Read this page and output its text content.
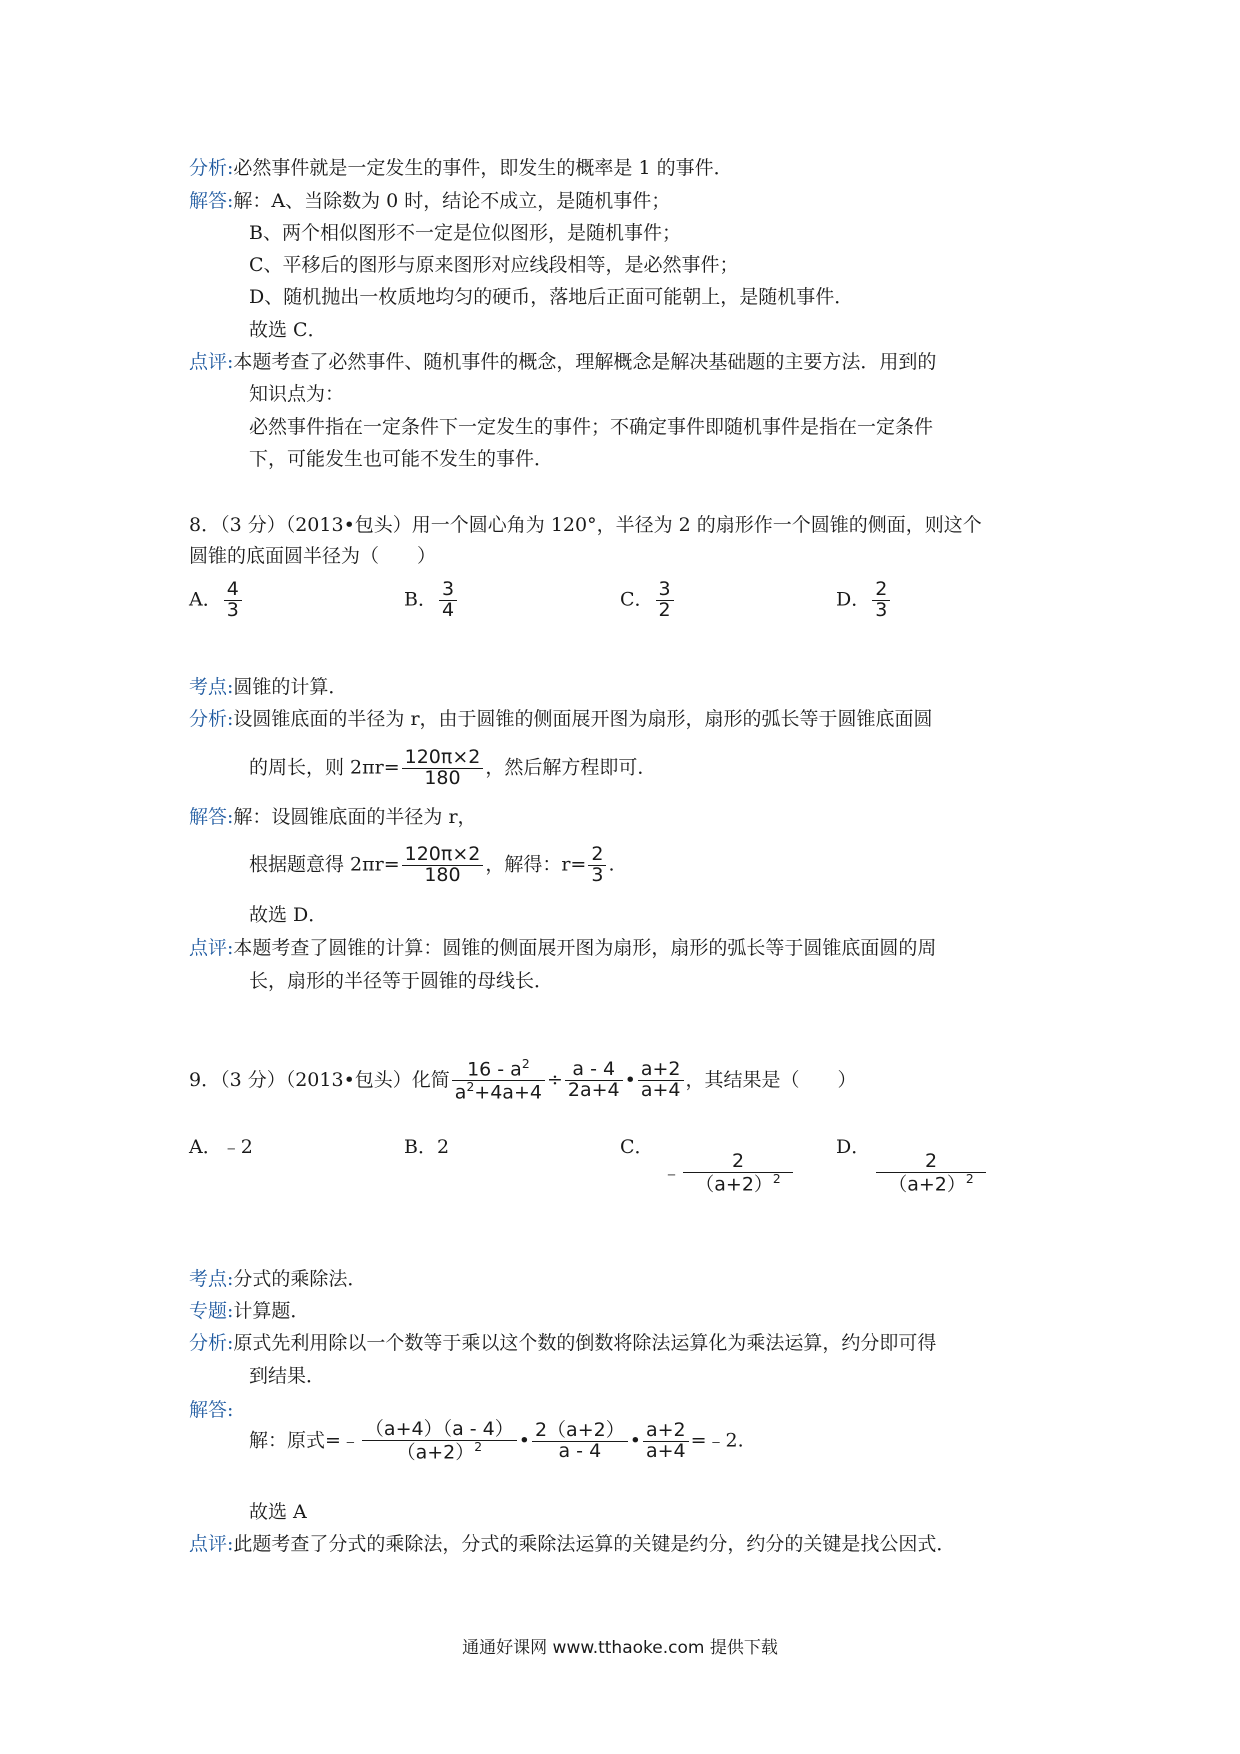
分析:必然事件就是一定发生的事件，即发生的概率是 1 的事件．
解答:解：A、当除数为 0 时，结论不成立，是随机事件；
B、两个相似图形不一定是位似图形，是随机事件；
C、平移后的图形与原来图形对应线段相等，是必然事件；
D、随机抛出一枚质地均匀的硬币，落地后正面可能朝上，是随机事件．
故选 C．
点评:本题考查了必然事件、随机事件的概念，理解概念是解决基础题的主要方法．用到的
知识点为：
必然事件指在一定条件下一定发生的事件；不确定事件即随机事件是指在一定条件
下，可能发生也可能不发生的事件．
8．（3 分）（2013•包头）用一个圆心角为 120°，半径为 2 的扇形作一个圆锥的侧面，则这个
圆锥的底面圆半径为（　　）
A． $\frac{4}{3}$	B． $\frac{3}{4}$	C． $\frac{3}{2}$	D． $\frac{2}{3}$
考点:圆锥的计算．
分析:设圆锥底面的半径为 r，由于圆锥的侧面展开图为扇形，扇形的弧长等于圆锥底面圆
的周长，则 $2\pi r= \frac{120\pi\times 2}{180}$ ，然后解方程即可．
解答:解：设圆锥底面的半径为 r，
根据题意得 $2\pi r= \frac{120\pi\times 2}{180}$ ，解得：$r= \frac{2}{3}$ .
故选 D．
点评:本题考查了圆锥的计算：圆锥的侧面展开图为扇形，扇形的弧长等于圆锥底面圆的周
长，扇形的半径等于圆锥的母线长．
9．（3 分）（2013•包头）化简 $\frac{16 - a^2}{a^2+4a+4} \div \frac{a - 4}{2a+4}$ • $\frac{a+2}{a+4}$ ，其结果是（　　）
A．﹣2	B．2	C．
﹣ $\frac{2}{(a+2)^2}$
D．
$\frac{2}{(a+2)^2}$
考点:分式的乘除法．
专题:计算题．
分析:原式先利用除以一个数等于乘以这个数的倒数将除法运算化为乘法运算，约分即可得
到结果．
解答:
解：原式=﹣ $\frac{(a+4)(a - 4)}{(a+2)^2}$ • $\frac{2(a+2)}{a - 4}$ • $\frac{a+2}{a+4}$ =﹣2.
故选 A
点评:此题考查了分式的乘除法，分式的乘除法运算的关键是约分，约分的关键是找公因式．
通通好课网 www.tthaoke.com 提供下载
